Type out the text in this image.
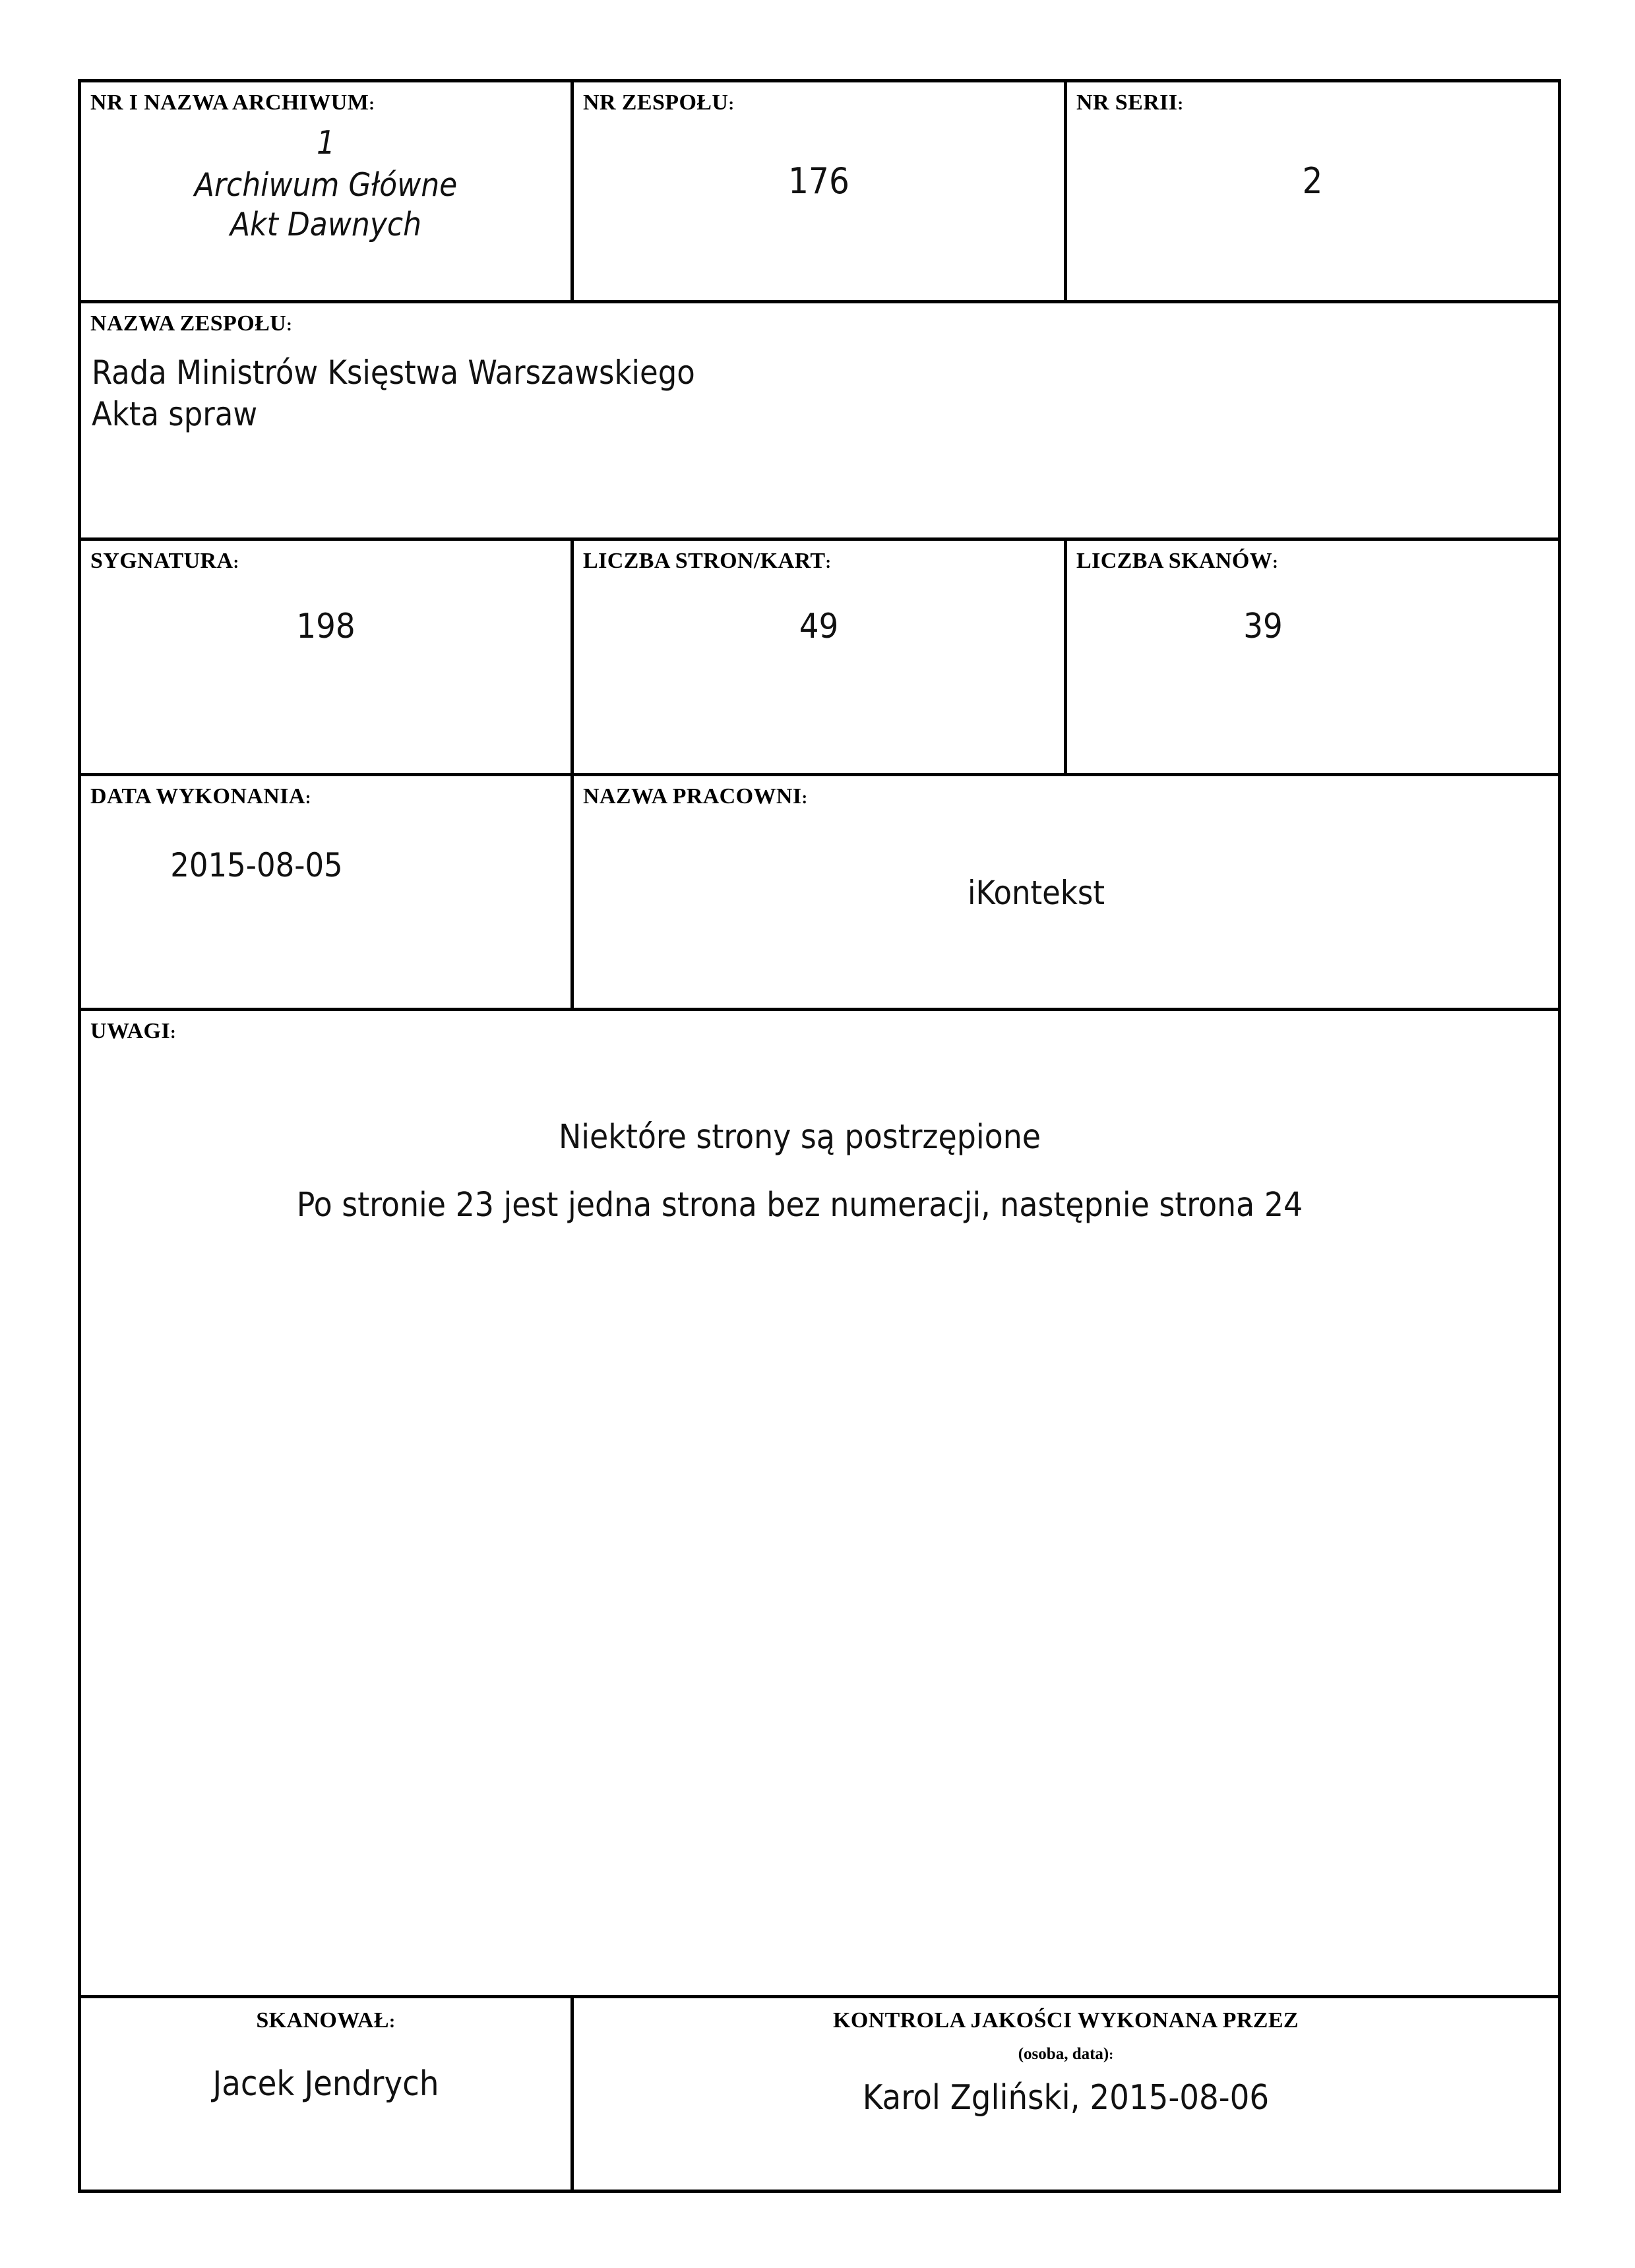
NR I NAZWA ARCHIWUM:
1
Archiwum Główne
Akt Dawnych	NR ZESPOŁU:
176	NR SERII:
2

NAZWA ZESPOŁU:
Rada Ministrów Księstwa Warszawskiego
Akta spraw		

SYGNATURA:
198	LICZBA STRON/KART:
49	LICZBA SKANÓW:
39

DATA WYKONANIA:
2015-08-05	NAZWA PRACOWNI:
iKontekst	

UWAGI:
Niektóre strony są postrzępione
Po stronie 23 jest jedna strona bez numeracji, następnie strona 24		

SKANOWAŁ:
Jacek Jendrych	KONTROLA JAKOŚCI WYKONANA PRZEZ
(osoba, data):
Karol Zgliński, 2015-08-06	
